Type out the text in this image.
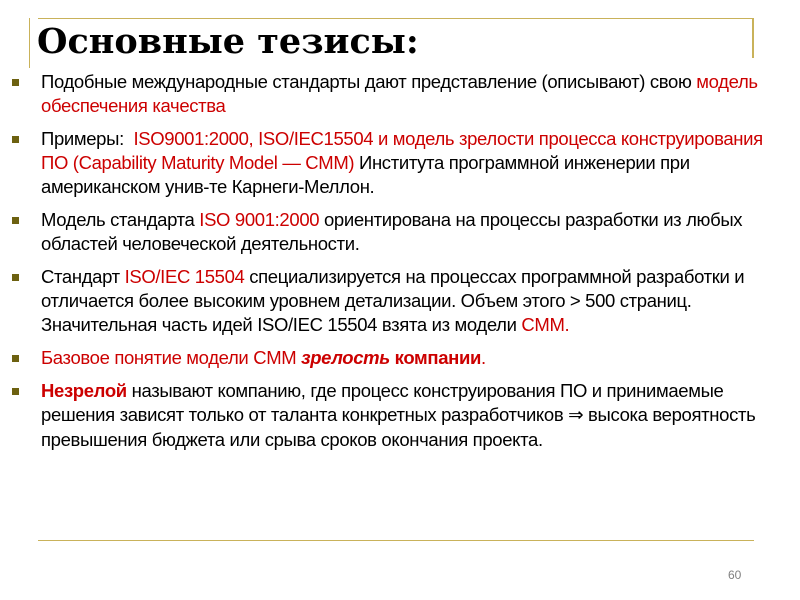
Основные тезисы:
Подобные международные стандарты дают представление (описывают) свою модель обеспечения качества
Примеры:  ISO9001:2000, ISO/IEC15504 и модель зрелости процесса конструирования ПО (Capability Maturity Model — CMM) Института программной инженерии при американском унив-те Карнеги-Меллон.
Модель стандарта ISO 9001:2000 ориентирована на процессы разработки из любых областей человеческой деятельности.
Стандарт ISO/IEC 15504 специализируется на процессах программной разработки и отличается более высоким уровнем детализации. Объем этого > 500 страниц. Значительная часть идей ISO/IEC 15504 взята из модели CMM.
Базовое понятие модели CMM зрелость компании.
Незрелой называют компанию, где процесс конструирования ПО и принимаемые решения зависят только от таланта конкретных разработчиков ⇒ высока вероятность превышения бюджета или срыва сроков окончания проекта.
60
